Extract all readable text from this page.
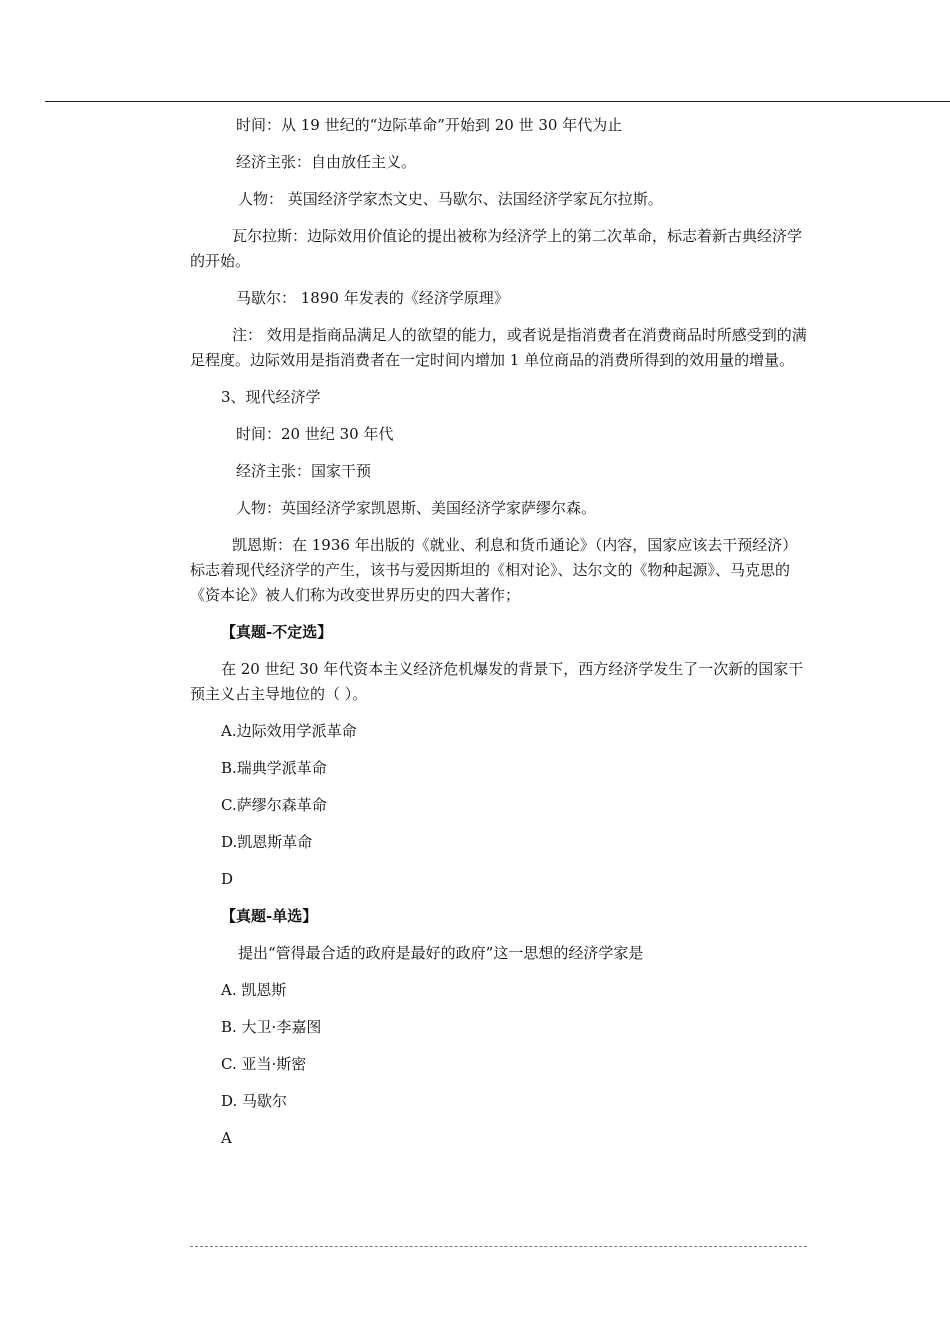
时间：从 19 世纪的“边际革命”开始到 20 世 30 年代为止

经济主张：自由放任主义。

人物： 英国经济学家杰文史、马歇尔、法国经济学家瓦尔拉斯。

瓦尔拉斯：边际效用价值论的提出被称为经济学上的第二次革命，标志着新古典经济学的开始。

马歇尔： 1890 年发表的《经济学原理》

注： 效用是指商品满足人的欲望的能力，或者说是指消费者在消费商品时所感受到的满足程度。边际效用是指消费者在一定时间内增加 1 单位商品的消费所得到的效用量的增量。

3、现代经济学

时间：20 世纪 30 年代

经济主张：国家干预

人物：英国经济学家凯恩斯、美国经济学家萨缪尔森。

凯恩斯：在 1936 年出版的《就业、利息和货币通论》（内容，国家应该去干预经济）标志着现代经济学的产生，该书与爱因斯坦的《相对论》、达尔文的《物种起源》、马克思的《资本论》被人们称为改变世界历史的四大著作；

【真题-不定选】

在 20 世纪 30 年代资本主义经济危机爆发的背景下，西方经济学发生了一次新的国家干预主义占主导地位的（ ）。

A.边际效用学派革命

B.瑞典学派革命

C.萨缪尔森革命

D.凯恩斯革命

D

【真题-单选】

提出“管得最合适的政府是最好的政府”这一思想的经济学家是

A. 凯恩斯

B. 大卫·李嘉图

C. 亚当·斯密

D. 马歇尔

A
